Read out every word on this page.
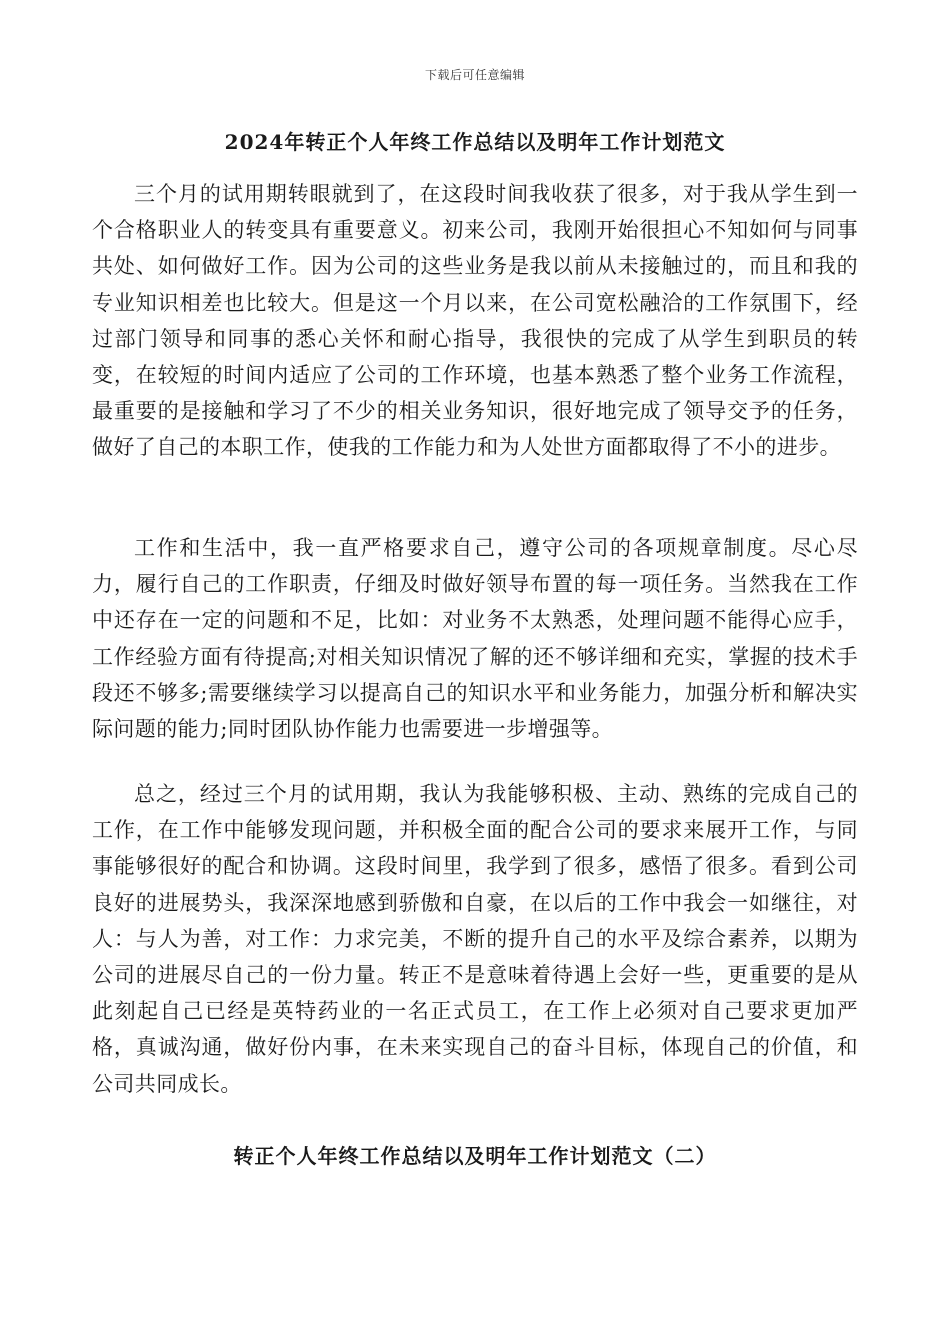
下载后可任意编辑
2024年转正个人年终工作总结以及明年工作计划范文

三个月的试用期转眼就到了，在这段时间我收获了很多，对于我从学生到一个合格职业人的转变具有重要意义。初来公司，我刚开始很担心不知如何与同事共处、如何做好工作。因为公司的这些业务是我以前从未接触过的，而且和我的专业知识相差也比较大。但是这一个月以来，在公司宽松融洽的工作氛围下，经过部门领导和同事的悉心关怀和耐心指导，我很快的完成了从学生到职员的转变，在较短的时间内适应了公司的工作环境，也基本熟悉了整个业务工作流程，最重要的是接触和学习了不少的相关业务知识，很好地完成了领导交予的任务，做好了自己的本职工作，使我的工作能力和为人处世方面都取得了不小的进步。

工作和生活中，我一直严格要求自己，遵守公司的各项规章制度。尽心尽力，履行自己的工作职责，仔细及时做好领导布置的每一项任务。当然我在工作中还存在一定的问题和不足，比如：对业务不太熟悉，处理问题不能得心应手，工作经验方面有待提高;对相关知识情况了解的还不够详细和充实，掌握的技术手段还不够多;需要继续学习以提高自己的知识水平和业务能力，加强分析和解决实际问题的能力;同时团队协作能力也需要进一步增强等。

总之，经过三个月的试用期，我认为我能够积极、主动、熟练的完成自己的工作，在工作中能够发现问题，并积极全面的配合公司的要求来展开工作，与同事能够很好的配合和协调。这段时间里，我学到了很多，感悟了很多。看到公司良好的进展势头，我深深地感到骄傲和自豪，在以后的工作中我会一如继往，对人：与人为善，对工作：力求完美，不断的提升自己的水平及综合素养，以期为公司的进展尽自己的一份力量。转正不是意味着待遇上会好一些，更重要的是从此刻起自己已经是英特药业的一名正式员工，在工作上必须对自己要求更加严格，真诚沟通，做好份内事，在未来实现自己的奋斗目标，体现自己的价值，和公司共同成长。

转正个人年终工作总结以及明年工作计划范文（二）
